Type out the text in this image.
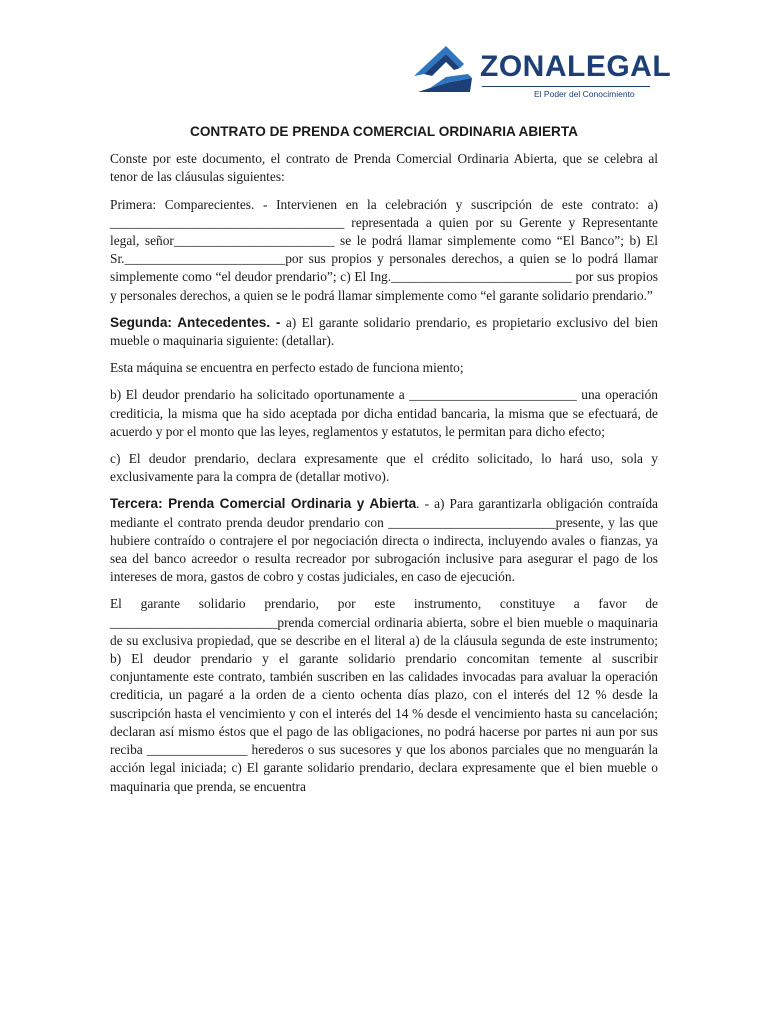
ZONALEGAL
El Poder del Conocimiento
CONTRATO DE PRENDA COMERCIAL ORDINARIA ABIERTA

Conste por este documento, el contrato de Prenda Comercial Ordinaria Abierta, que se celebra al tenor de las cláusulas siguientes:

Primera: Comparecientes. - Intervienen en la celebración y suscripción de este contrato: a) ___________________________________ representada a quien por su Gerente y Representante legal, señor________________________ se le podrá llamar simplemente como “El Banco”; b) El Sr.________________________por sus propios y personales derechos, a quien se lo podrá llamar simplemente como “el deudor prendario”; c) El Ing.___________________________ por sus propios y personales derechos, a quien se le podrá llamar simplemente como “el garante solidario prendario.”

Segunda: Antecedentes. - a) El garante solidario prendario, es propietario exclusivo del bien mueble o maquinaria siguiente: (detallar).

Esta máquina se encuentra en perfecto estado de funciona miento;

b) El deudor prendario ha solicitado oportunamente a _________________________ una operación crediticia, la misma que ha sido aceptada por dicha entidad bancaria, la misma que se efectuará, de acuerdo y por el monto que las leyes, reglamentos y estatutos, le permitan para dicho efecto;

c) El deudor prendario, declara expresamente que el crédito solicitado, lo hará uso, sola y exclusivamente para la compra de (detallar motivo).

Tercera: Prenda Comercial Ordinaria y Abierta. - a) Para garantizarla obligación contraída mediante el contrato prenda deudor prendario con _________________________presente, y las que hubiere contraído o contrajere el por negociación directa o indirecta, incluyendo avales o fianzas, ya sea del banco acreedor o resulta recreador por subrogación inclusive para asegurar el pago de los intereses de mora, gastos de cobro y costas judiciales, en caso de ejecución.

El garante solidario prendario, por este instrumento, constituye a favor de _________________________prenda comercial ordinaria abierta, sobre el bien mueble o maquinaria de su exclusiva propiedad, que se describe en el literal a) de la cláusula segunda de este instrumento; b) El deudor prendario y el garante solidario prendario concomitan temente al suscribir conjuntamente este contrato, también suscriben en las calidades invocadas para avaluar la operación crediticia, un pagaré a la orden de a ciento ochenta días plazo, con el interés del 12 % desde la suscripción hasta el vencimiento y con el interés del 14 % desde el vencimiento hasta su cancelación; declaran así mismo éstos que el pago de las obligaciones, no podrá hacerse por partes ni aun por sus reciba _______________ herederos o sus sucesores y que los abonos parciales que no menguarán la acción legal iniciada; c) El garante solidario prendario, declara expresamente que el bien mueble o maquinaria que prenda, se encuentra
